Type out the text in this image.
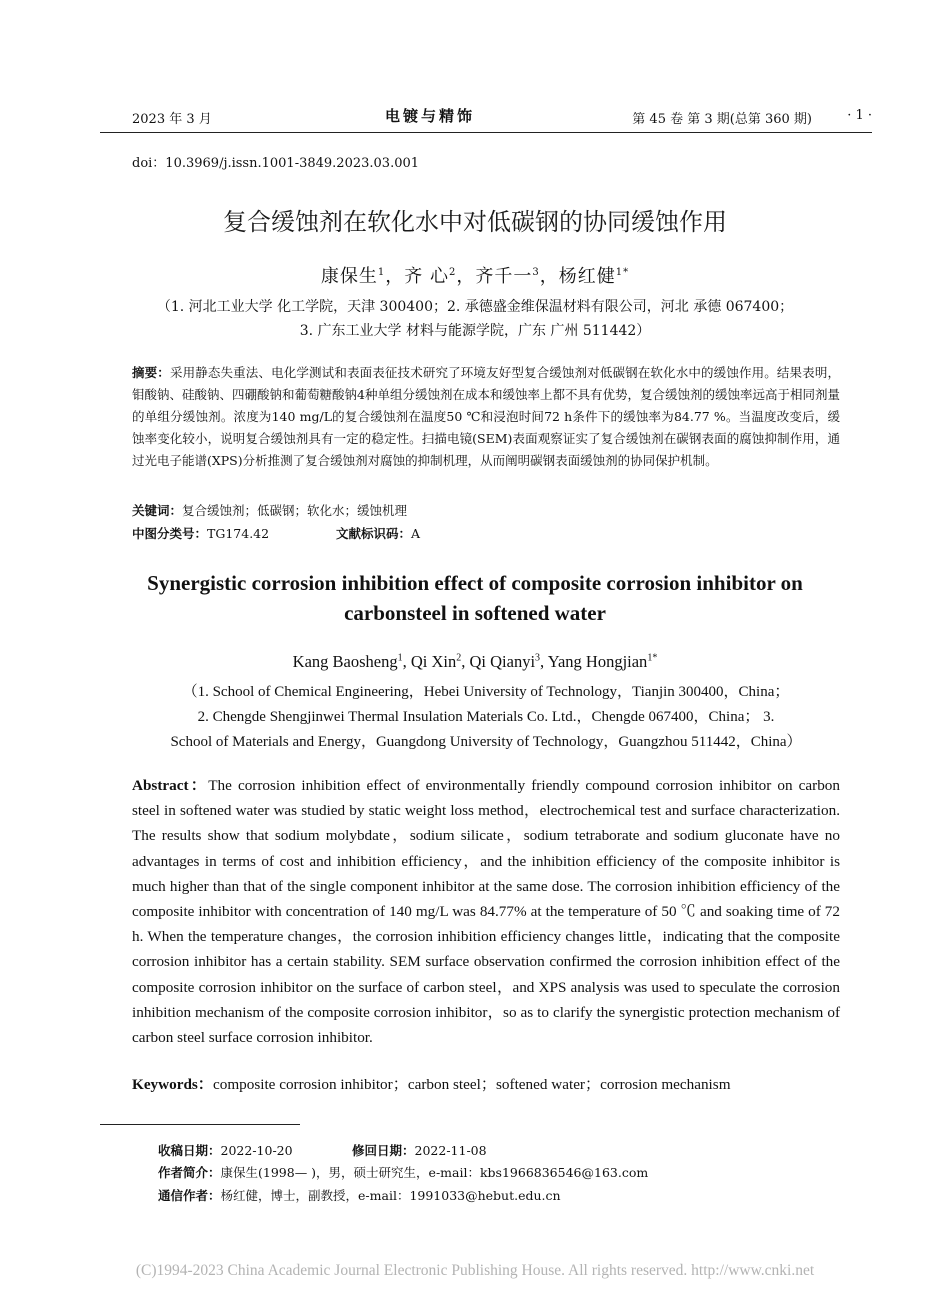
2023 年 3 月	电镀与精饰	第 45 卷 第 3 期(总第 360 期)	· 1 ·
doi：10.3969/j.issn.1001-3849.2023.03.001
复合缓蚀剂在软化水中对低碳钢的协同缓蚀作用
康保生$^1$，齐 心$^2$，齐千一$^3$，杨红健$^{1*}$
（1. 河北工业大学 化工学院，天津 300400；2. 承德盛金维保温材料有限公司，河北 承德 067400；
3. 广东工业大学 材料与能源学院，广东 广州 511442）
摘要：采用静态失重法、电化学测试和表面表征技术研究了环境友好型复合缓蚀剂对低碳钢在软化水中的缓蚀作用。结果表明，钼酸钠、硅酸钠、四硼酸钠和葡萄糖酸钠4种单组分缓蚀剂在成本和缓蚀率上都不具有优势，复合缓蚀剂的缓蚀率远高于相同剂量的单组分缓蚀剂。浓度为140 mg/L的复合缓蚀剂在温度50 ℃和浸泡时间72 h条件下的缓蚀率为84.77 %。当温度改变后，缓蚀率变化较小，说明复合缓蚀剂具有一定的稳定性。扫描电镜(SEM)表面观察证实了复合缓蚀剂在碳钢表面的腐蚀抑制作用，通过光电子能谱(XPS)分析推测了复合缓蚀剂对腐蚀的抑制机理，从而阐明碳钢表面缓蚀剂的协同保护机制。
关键词：复合缓蚀剂；低碳钢；软化水；缓蚀机理
中图分类号：TG174.42	文献标识码：A
Synergistic corrosion inhibition effect of composite corrosion inhibitor on
carbonsteel in softened water
Kang Baosheng$^1$, Qi Xin$^2$, Qi Qianyi$^3$, Yang Hongjian$^{1*}$
（1. School of Chemical Engineering，Hebei University of Technology，Tianjin 300400，China；
2. Chengde Shengjinwei Thermal Insulation Materials Co. Ltd.，Chengde 067400，China； 3.
School of Materials and Energy，Guangdong University of Technology，Guangzhou 511442，China）
Abstract：The corrosion inhibition effect of environmentally friendly compound corrosion inhibitor on carbon steel in softened water was studied by static weight loss method，electrochemical test and surface characterization. The results show that sodium molybdate，sodium silicate，sodium tetraborate and sodium gluconate have no advantages in terms of cost and inhibition efficiency，and the inhibition efficiency of the composite inhibitor is much higher than that of the single component inhibitor at the same dose. The corrosion inhibition efficiency of the composite inhibitor with concentration of 140 mg/L was 84.77% at the temperature of 50 ℃ and soaking time of 72 h. When the temperature changes，the corrosion inhibition efficiency changes little，indicating that the composite corrosion inhibitor has a certain stability. SEM surface observation confirmed the corrosion inhibition effect of the composite corrosion inhibitor on the surface of carbon steel，and XPS analysis was used to speculate the corrosion inhibition mechanism of the composite corrosion inhibitor，so as to clarify the synergistic protection mechanism of carbon steel surface corrosion inhibitor.
Keywords：composite corrosion inhibitor；carbon steel；softened water；corrosion mechanism
收稿日期：2022-10-20	修回日期：2022-11-08
作者简介：康保生(1998— )，男，硕士研究生，e-mail：kbs1966836546@163.com
通信作者：杨红健，博士，副教授，e-mail：1991033@hebut.edu.cn
(C)1994-2023 China Academic Journal Electronic Publishing House. All rights reserved. http://www.cnki.net
